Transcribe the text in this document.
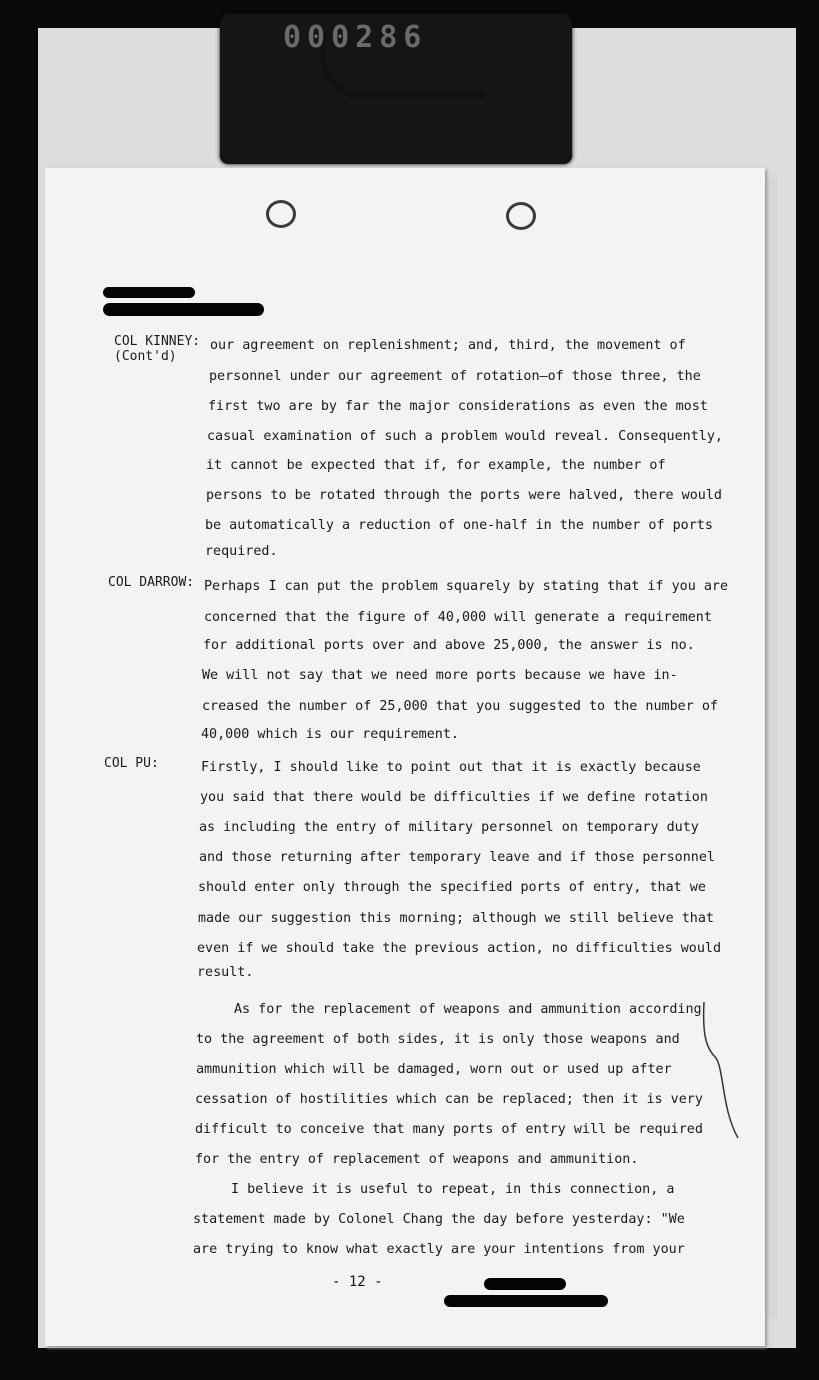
000286
COL KINNEY:
(Cont'd)
COL DARROW:
COL PU:
our agreement on replenishment; and, third, the movement of
personnel under our agreement of rotation—of those three, the
first two are by far the major considerations as even the most
casual examination of such a problem would reveal. Consequently,
it cannot be expected that if, for example, the number of
persons to be rotated through the ports were halved, there would
be automatically a reduction of one-half in the number of ports
required.
Perhaps I can put the problem squarely by stating that if you are
concerned that the figure of 40,000 will generate a requirement
for additional ports over and above 25,000, the answer is no.
We will not say that we need more ports because we have in-
creased the number of 25,000 that you suggested to the number of
40,000 which is our requirement.
Firstly, I should like to point out that it is exactly because
you said that there would be difficulties if we define rotation
as including the entry of military personnel on temporary duty
and those returning after temporary leave and if those personnel
should enter only through the specified ports of entry, that we
made our suggestion this morning; although we still believe that
even if we should take the previous action, no difficulties would
result.
As for the replacement of weapons and ammunition according
to the agreement of both sides, it is only those weapons and
ammunition which will be damaged, worn out or used up after
cessation of hostilities which can be replaced; then it is very
difficult to conceive that many ports of entry will be required
for the entry of replacement of weapons and ammunition.
I believe it is useful to repeat, in this connection, a
statement made by Colonel Chang the day before yesterday: "We
are trying to know what exactly are your intentions from your
- 12 -
